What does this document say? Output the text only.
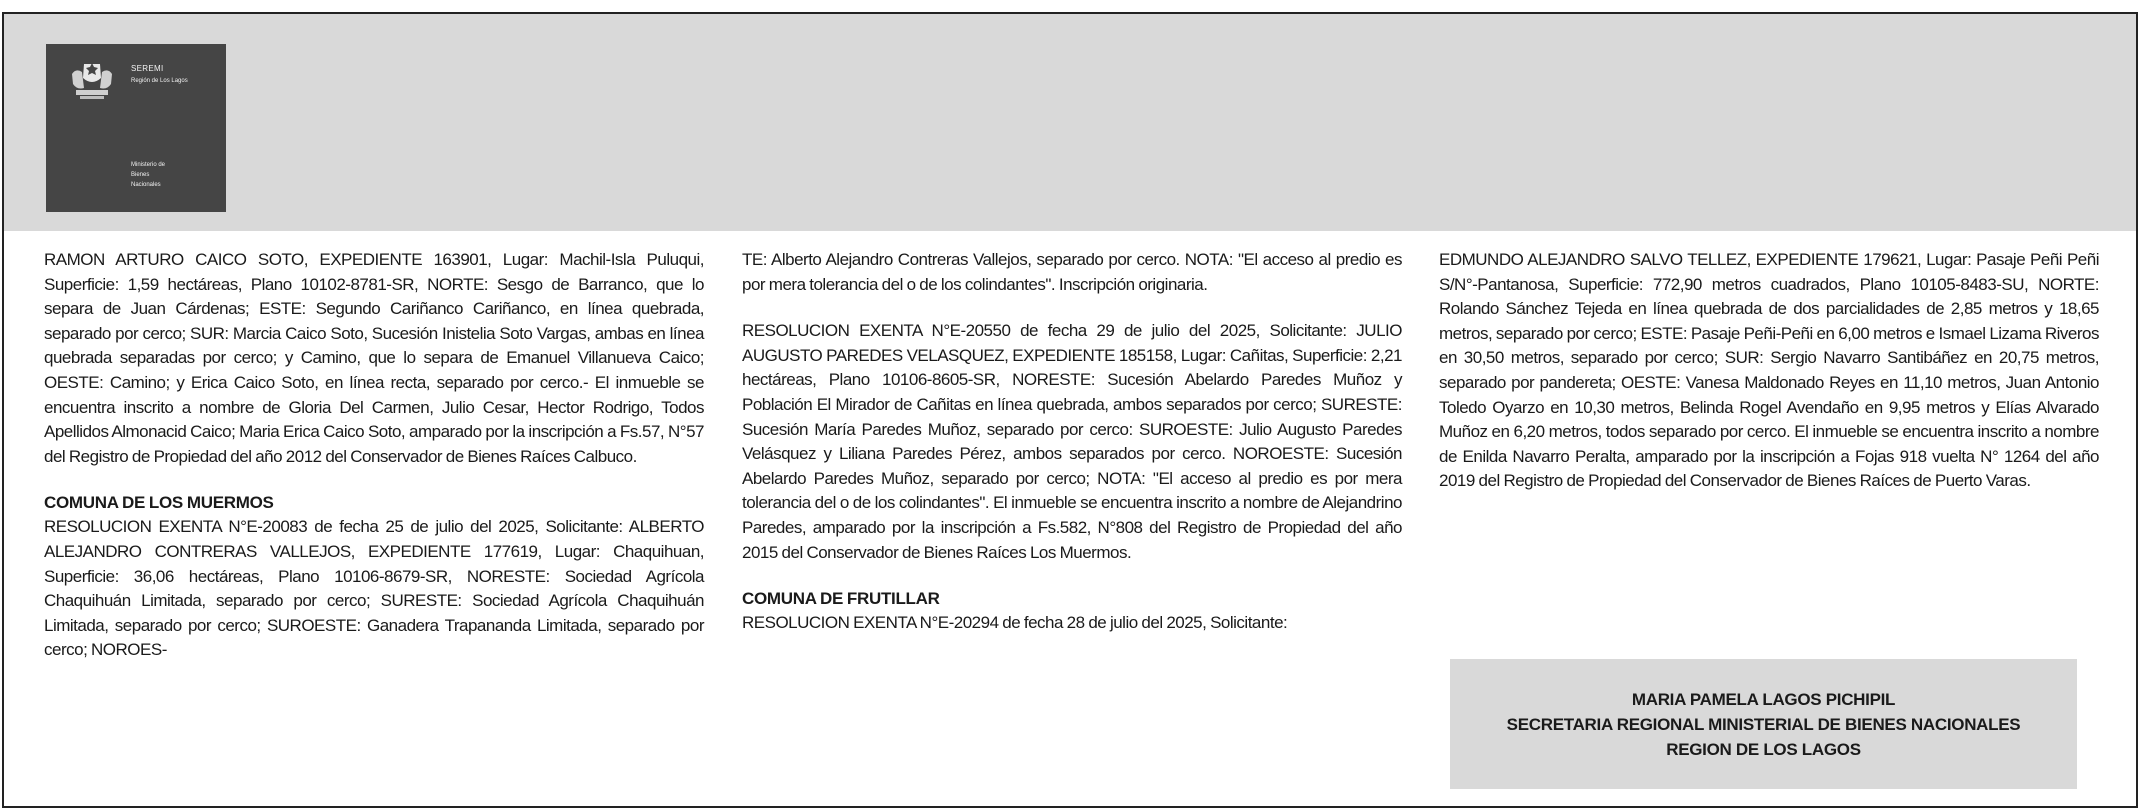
SEREMI
Región de Los Lagos
Ministerio de
Bienes
Nacionales

RAMON ARTURO CAICO SOTO, EXPEDIENTE 163901, Lugar: Machil-Isla Puluqui, Superficie: 1,59 hectáreas, Plano 10102-8781-SR, NORTE: Sesgo de Barranco, que lo separa de Juan Cárdenas; ESTE: Segundo Cariñanco Cariñanco, en línea quebrada, separado por cerco; SUR: Marcia Caico Soto, Sucesión Inistelia Soto Vargas, ambas en línea quebrada separadas por cerco; y Camino, que lo separa de Emanuel Villanueva Caico; OESTE: Camino; y Erica Caico Soto, en línea recta, separado por cerco.- El inmueble se encuentra inscrito a nombre de Gloria Del Carmen, Julio Cesar, Hector Rodrigo, Todos Apellidos Almonacid Caico; Maria Erica Caico Soto, amparado por la inscripción a Fs.57, N°57 del Registro de Propiedad del año 2012 del Conservador de Bienes Raíces Calbuco.

COMUNA DE LOS MUERMOS

RESOLUCION EXENTA N°E-20083 de fecha 25 de julio del 2025, Solicitante: ALBERTO ALEJANDRO CONTRERAS VALLEJOS, EXPEDIENTE 177619, Lugar: Chaquihuan, Superficie: 36,06 hectáreas, Plano 10106-8679-SR, NORESTE: Sociedad Agrícola Chaquihuán Limitada, separado por cerco; SURESTE: Sociedad Agrícola Chaquihuán Limitada, separado por cerco; SUROESTE: Ganadera Trapananda Limitada, separado por cerco; NOROES-

TE: Alberto Alejandro Contreras Vallejos, separado por cerco. NOTA: "El acceso al predio es por mera tolerancia del o de los colindantes". Inscripción originaria.

RESOLUCION EXENTA N°E-20550 de fecha 29 de julio del 2025, Solicitante: JULIO AUGUSTO PAREDES VELASQUEZ, EXPEDIENTE 185158, Lugar: Cañitas, Superficie: 2,21 hectáreas, Plano 10106-8605-SR, NORESTE: Sucesión Abelardo Paredes Muñoz y Población El Mirador de Cañitas en línea quebrada, ambos separados por cerco; SURESTE: Sucesión María Paredes Muñoz, separado por cerco: SUROESTE: Julio Augusto Paredes Velásquez y Liliana Paredes Pérez, ambos separados por cerco. NOROESTE: Sucesión Abelardo Paredes Muñoz, separado por cerco; NOTA: "El acceso al predio es por mera tolerancia del o de los colindantes". El inmueble se encuentra inscrito a nombre de Alejandrino Paredes, amparado por la inscripción a Fs.582, N°808 del Registro de Propiedad del año 2015 del Conservador de Bienes Raíces Los Muermos.

COMUNA DE FRUTILLAR

RESOLUCION EXENTA N°E-20294 de fecha 28 de julio del 2025, Solicitante:

EDMUNDO ALEJANDRO SALVO TELLEZ, EXPEDIENTE 179621, Lugar: Pasaje Peñi Peñi S/N°-Pantanosa, Superficie: 772,90 metros cuadrados, Plano 10105-8483-SU, NORTE: Rolando Sánchez Tejeda en línea quebrada de dos parcialidades de 2,85 metros y 18,65 metros, separado por cerco; ESTE: Pasaje Peñi-Peñi en 6,00 metros e Ismael Lizama Riveros en 30,50 metros, separado por cerco; SUR: Sergio Navarro Santibáñez en 20,75 metros, separado por pandereta; OESTE: Vanesa Maldonado Reyes en 11,10 metros, Juan Antonio Toledo Oyarzo en 10,30 metros, Belinda Rogel Avendaño en 9,95 metros y Elías Alvarado Muñoz en 6,20 metros, todos separado por cerco. El inmueble se encuentra inscrito a nombre de Enilda Navarro Peralta, amparado por la inscripción a Fojas 918 vuelta N° 1264 del año 2019 del Registro de Propiedad del Conservador de Bienes Raíces de Puerto Varas.

MARIA PAMELA LAGOS PICHIPIL
SECRETARIA REGIONAL MINISTERIAL DE BIENES NACIONALES
REGION DE LOS LAGOS
